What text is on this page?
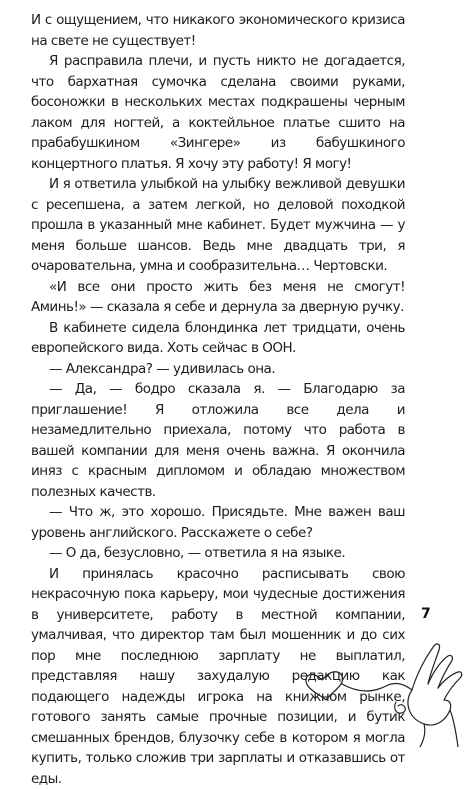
И с ощущением, что никакого экономического кризиса на свете не существует!

Я расправила плечи, и пусть никто не догадается, что бархатная сумочка сделана своими руками, босоножки в нескольких местах подкрашены черным лаком для ногтей, а коктейльное платье сшито на прабабушкином «Зингере» из бабушкиного концертного платья. Я хочу эту работу! Я могу!

И я ответила улыбкой на улыбку вежливой девушки с ресепшена, а затем легкой, но деловой походкой прошла в указанный мне кабинет. Будет мужчина — у меня больше шансов. Ведь мне двадцать три, я очаровательна, умна и сообразительна… Чертовски.

«И все они просто жить без меня не смогут! Аминь!» — сказала я себе и дернула за дверную ручку.

В кабинете сидела блондинка лет тридцати, очень европейского вида. Хоть сейчас в ООН.

— Александра? — удивилась она.

— Да, — бодро сказала я. — Благодарю за приглашение! Я отложила все дела и незамедлительно приехала, потому что работа в вашей компании для меня очень важна. Я окончила иняз с красным дипломом и обладаю множеством полезных качеств.

— Что ж, это хорошо. Присядьте. Мне важен ваш уровень английского. Расскажете о себе?

— О да, безусловно, — ответила я на языке.

И принялась красочно расписывать свою некрасочную пока карьеру, мои чудесные достижения в университете, работу в местной компании, умалчивая, что директор там был мошенник и до сих пор мне последнюю зарплату не выплатил, представляя нашу захудалую редакцию как подающего надежды игрока на книжном рынке, готового занять самые прочные позиции, и бутик смешанных брендов, блузочку себе в котором я могла купить, только сложив три зарплаты и отказавшись от еды.

7
